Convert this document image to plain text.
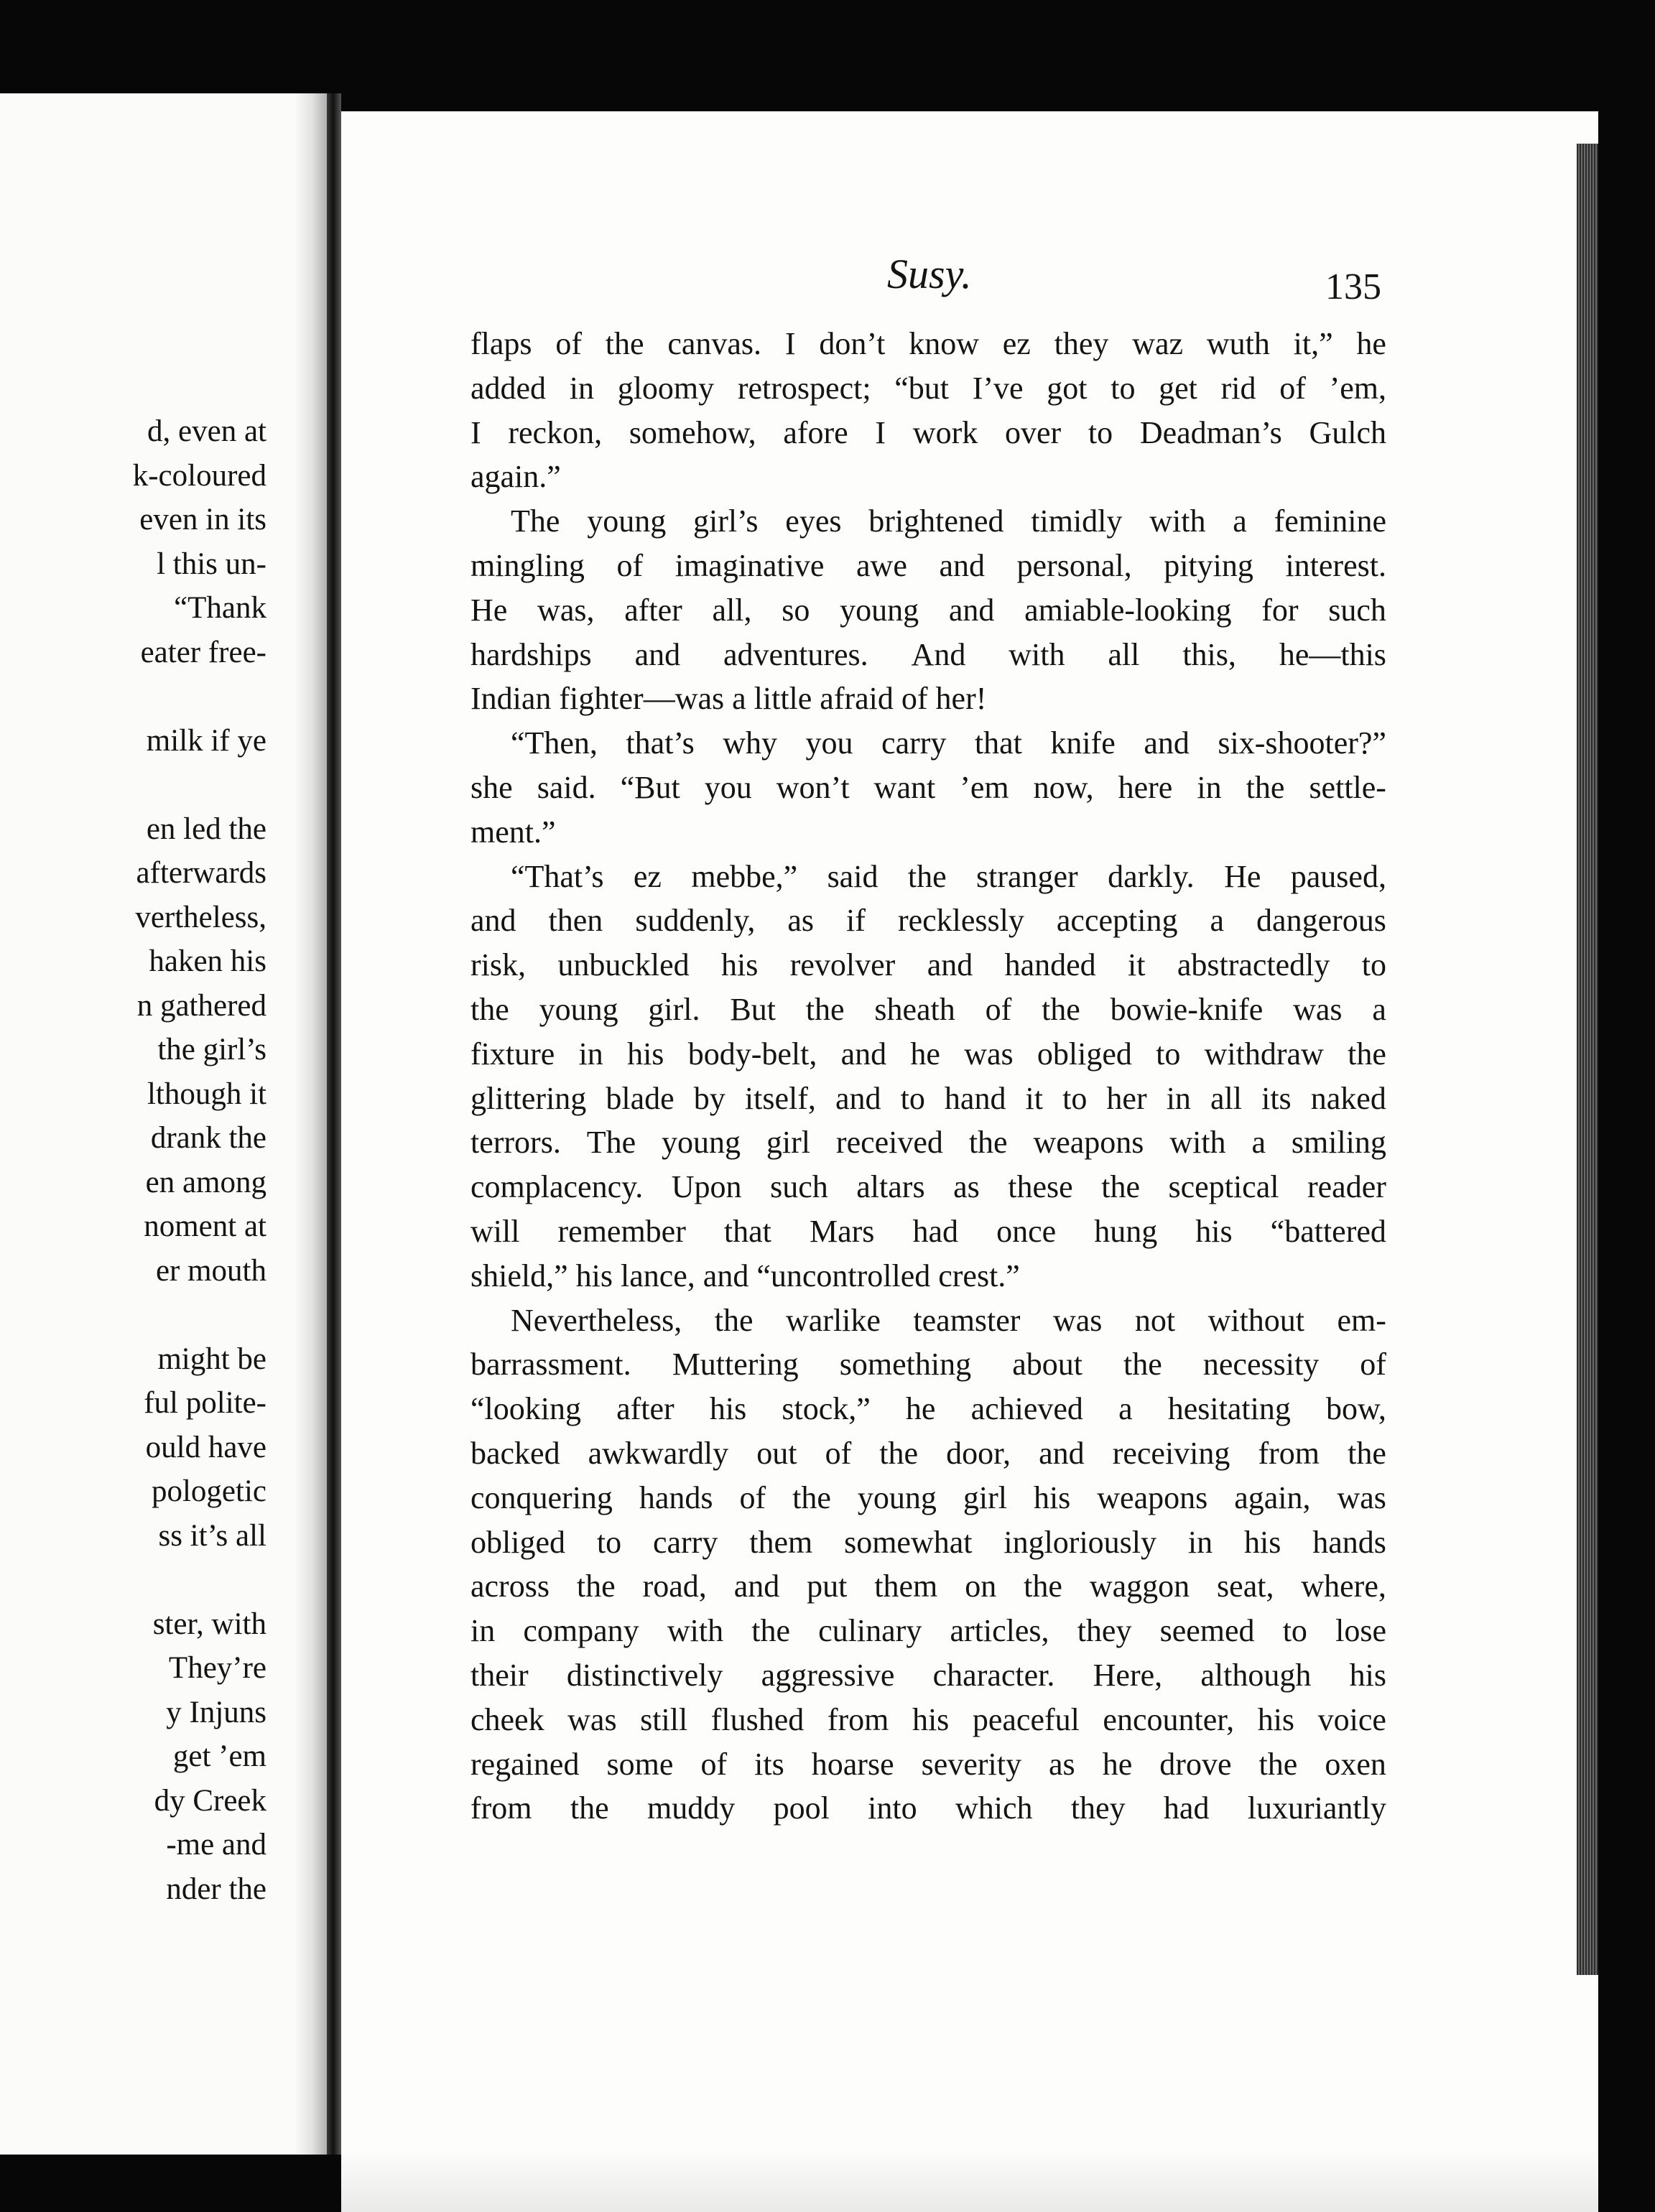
d, even at
k-coloured
even in its
l this un-
“Thank
eater free-
milk if ye
en led the
afterwards
vertheless,
haken his
n gathered
the girl’s
lthough it
drank the
en among
noment at
er mouth
might be
ful polite-
ould have
pologetic
ss it’s all
ster, with
They’re
y Injuns
get ’em
dy Creek
-me and
nder the
Susy.	135
flaps of the canvas. I don’t know ez they waz wuth it,” he
added in gloomy retrospect; “but I’ve got to get rid of ’em,
I reckon, somehow, afore I work over to Deadman’s Gulch
again.”
The young girl’s eyes brightened timidly with a feminine
mingling of imaginative awe and personal, pitying interest.
He was, after all, so young and amiable-looking for such
hardships and adventures. And with all this, he—this
Indian fighter—was a little afraid of her!
“Then, that’s why you carry that knife and six-shooter?”
she said. “But you won’t want ’em now, here in the settle-
ment.”
“That’s ez mebbe,” said the stranger darkly. He paused,
and then suddenly, as if recklessly accepting a dangerous
risk, unbuckled his revolver and handed it abstractedly to
the young girl. But the sheath of the bowie-knife was a
fixture in his body-belt, and he was obliged to withdraw the
glittering blade by itself, and to hand it to her in all its naked
terrors. The young girl received the weapons with a smiling
complacency. Upon such altars as these the sceptical reader
will remember that Mars had once hung his “battered
shield,” his lance, and “uncontrolled crest.”
Nevertheless, the warlike teamster was not without em-
barrassment. Muttering something about the necessity of
“looking after his stock,” he achieved a hesitating bow,
backed awkwardly out of the door, and receiving from the
conquering hands of the young girl his weapons again, was
obliged to carry them somewhat ingloriously in his hands
across the road, and put them on the waggon seat, where,
in company with the culinary articles, they seemed to lose
their distinctively aggressive character. Here, although his
cheek was still flushed from his peaceful encounter, his voice
regained some of its hoarse severity as he drove the oxen
from the muddy pool into which they had luxuriantly
